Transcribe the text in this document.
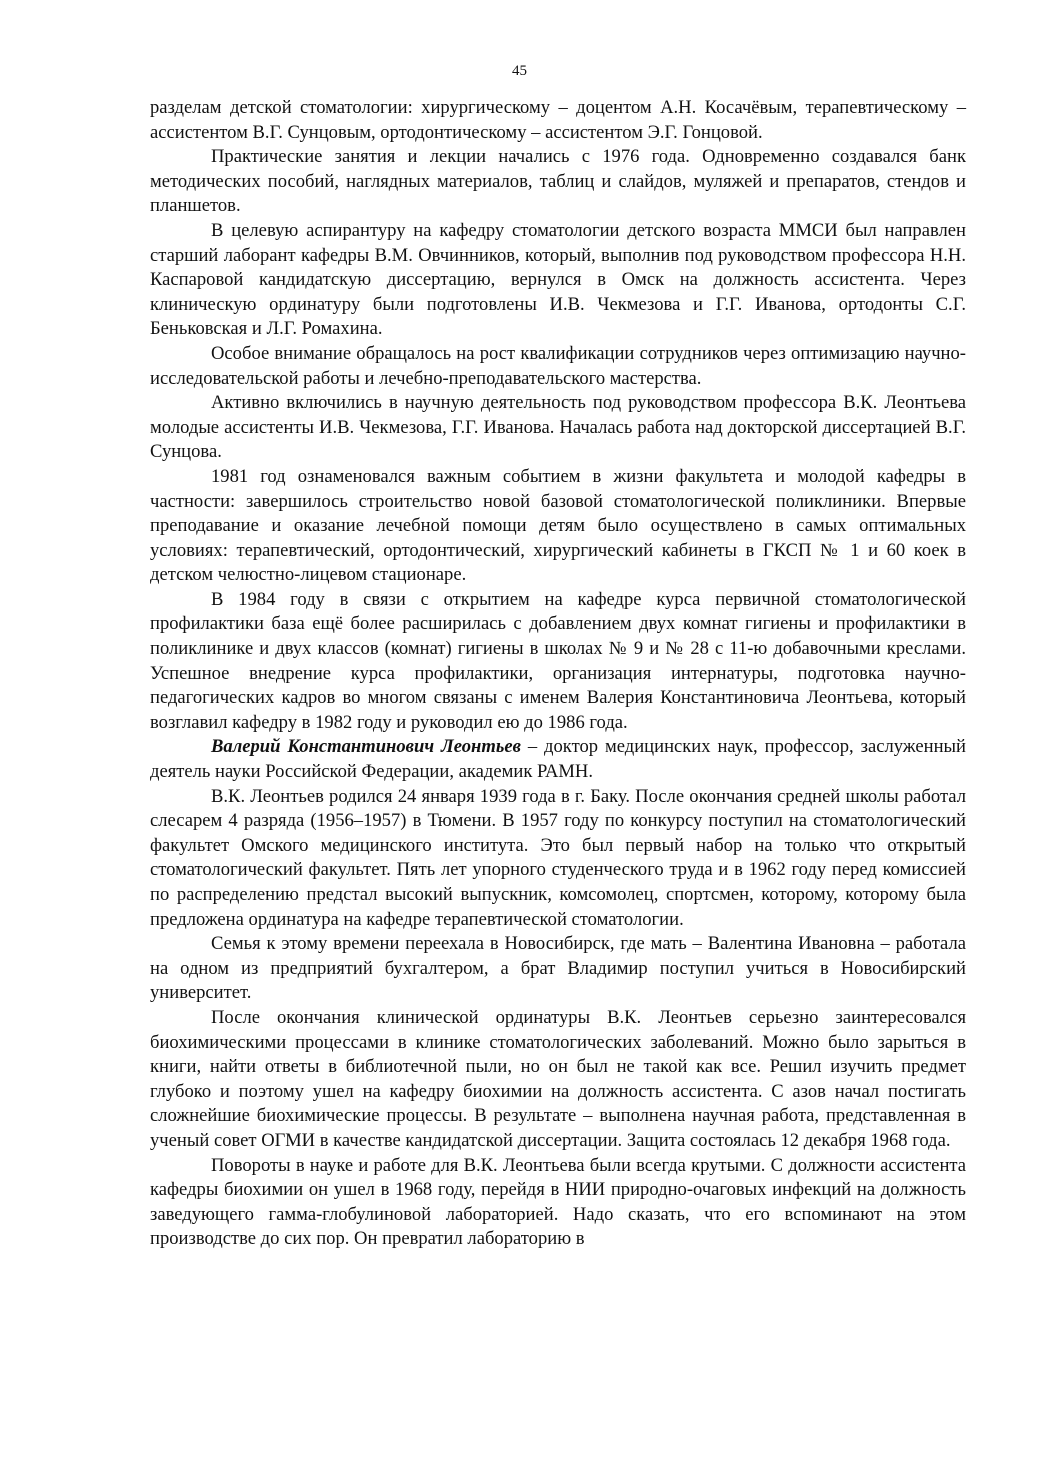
45

разделам детской стоматологии: хирургическому – доцентом А.Н. Косачёвым, терапевтическому – ассистентом В.Г. Сунцовым, ортодонтическому – ассистентом Э.Г. Гонцовой.

Практические занятия и лекции начались с 1976 года. Одновременно создавался банк методических пособий, наглядных материалов, таблиц и слайдов, муляжей и препаратов, стендов и планшетов.

В целевую аспирантуру на кафедру стоматологии детского возраста ММСИ был направлен старший лаборант кафедры В.М. Овчинников, который, выполнив под руководством профессора Н.Н. Каспаровой кандидатскую диссертацию, вернулся в Омск на должность ассистента. Через клиническую ординатуру были подготовлены И.В. Чекмезова и Г.Г. Иванова, ортодонты С.Г. Беньковская и Л.Г. Ромахина.

Особое внимание обращалось на рост квалификации сотрудников через оптимизацию научно-исследовательской работы и лечебно-преподавательского мастерства.

Активно включились в научную деятельность под руководством профессора В.К. Леонтьева молодые ассистенты И.В. Чекмезова, Г.Г. Иванова. Началась работа над докторской диссертацией В.Г. Сунцова.

1981 год ознаменовался важным событием в жизни факультета и молодой кафедры в частности: завершилось строительство новой базовой стоматологической поликлиники. Впервые преподавание и оказание лечебной помощи детям было осуществлено в самых оптимальных условиях: терапевтический, ортодонтический, хирургический кабинеты в ГКСП № 1 и 60 коек в детском челюстно-лицевом стационаре.

В 1984 году в связи с открытием на кафедре курса первичной стоматологической профилактики база ещё более расширилась с добавлением двух комнат гигиены и профилактики в поликлинике и двух классов (комнат) гигиены в школах № 9 и № 28 с 11-ю добавочными креслами. Успешное внедрение курса профилактики, организация интернатуры, подготовка научно-педагогических кадров во многом связаны с именем Валерия Константиновича Леонтьева, который возглавил кафедру в 1982 году и руководил ею до 1986 года.

Валерий Константинович Леонтьев – доктор медицинских наук, профессор, заслуженный деятель науки Российской Федерации, академик РАМН.

В.К. Леонтьев родился 24 января 1939 года в г. Баку. После окончания средней школы работал слесарем 4 разряда (1956–1957) в Тюмени. В 1957 году по конкурсу поступил на стоматологический факультет Омского медицинского института. Это был первый набор на только что открытый стоматологический факультет. Пять лет упорного студенческого труда и в 1962 году перед комиссией по распределению предстал высокий выпускник, комсомолец, спортсмен, которому, которому была предложена ординатура на кафедре терапевтической стоматологии.

Семья к этому времени переехала в Новосибирск, где мать – Валентина Ивановна – работала на одном из предприятий бухгалтером, а брат Владимир поступил учиться в Новосибирский университет.

После окончания клинической ординатуры В.К. Леонтьев серьезно заинтересовался биохимическими процессами в клинике стоматологических заболеваний. Можно было зарыться в книги, найти ответы в библиотечной пыли, но он был не такой как все. Решил изучить предмет глубоко и поэтому ушел на кафедру биохимии на должность ассистента. С азов начал постигать сложнейшие биохимические процессы. В результате – выполнена научная работа, представленная в ученый совет ОГМИ в качестве кандидатской диссертации. Защита состоялась 12 декабря 1968 года.

Повороты в науке и работе для В.К. Леонтьева были всегда крутыми. С должности ассистента кафедры биохимии он ушел в 1968 году, перейдя в НИИ природно-очаговых инфекций на должность заведующего гамма-глобулиновой лабораторией. Надо сказать, что его вспоминают на этом производстве до сих пор. Он превратил лабораторию в
